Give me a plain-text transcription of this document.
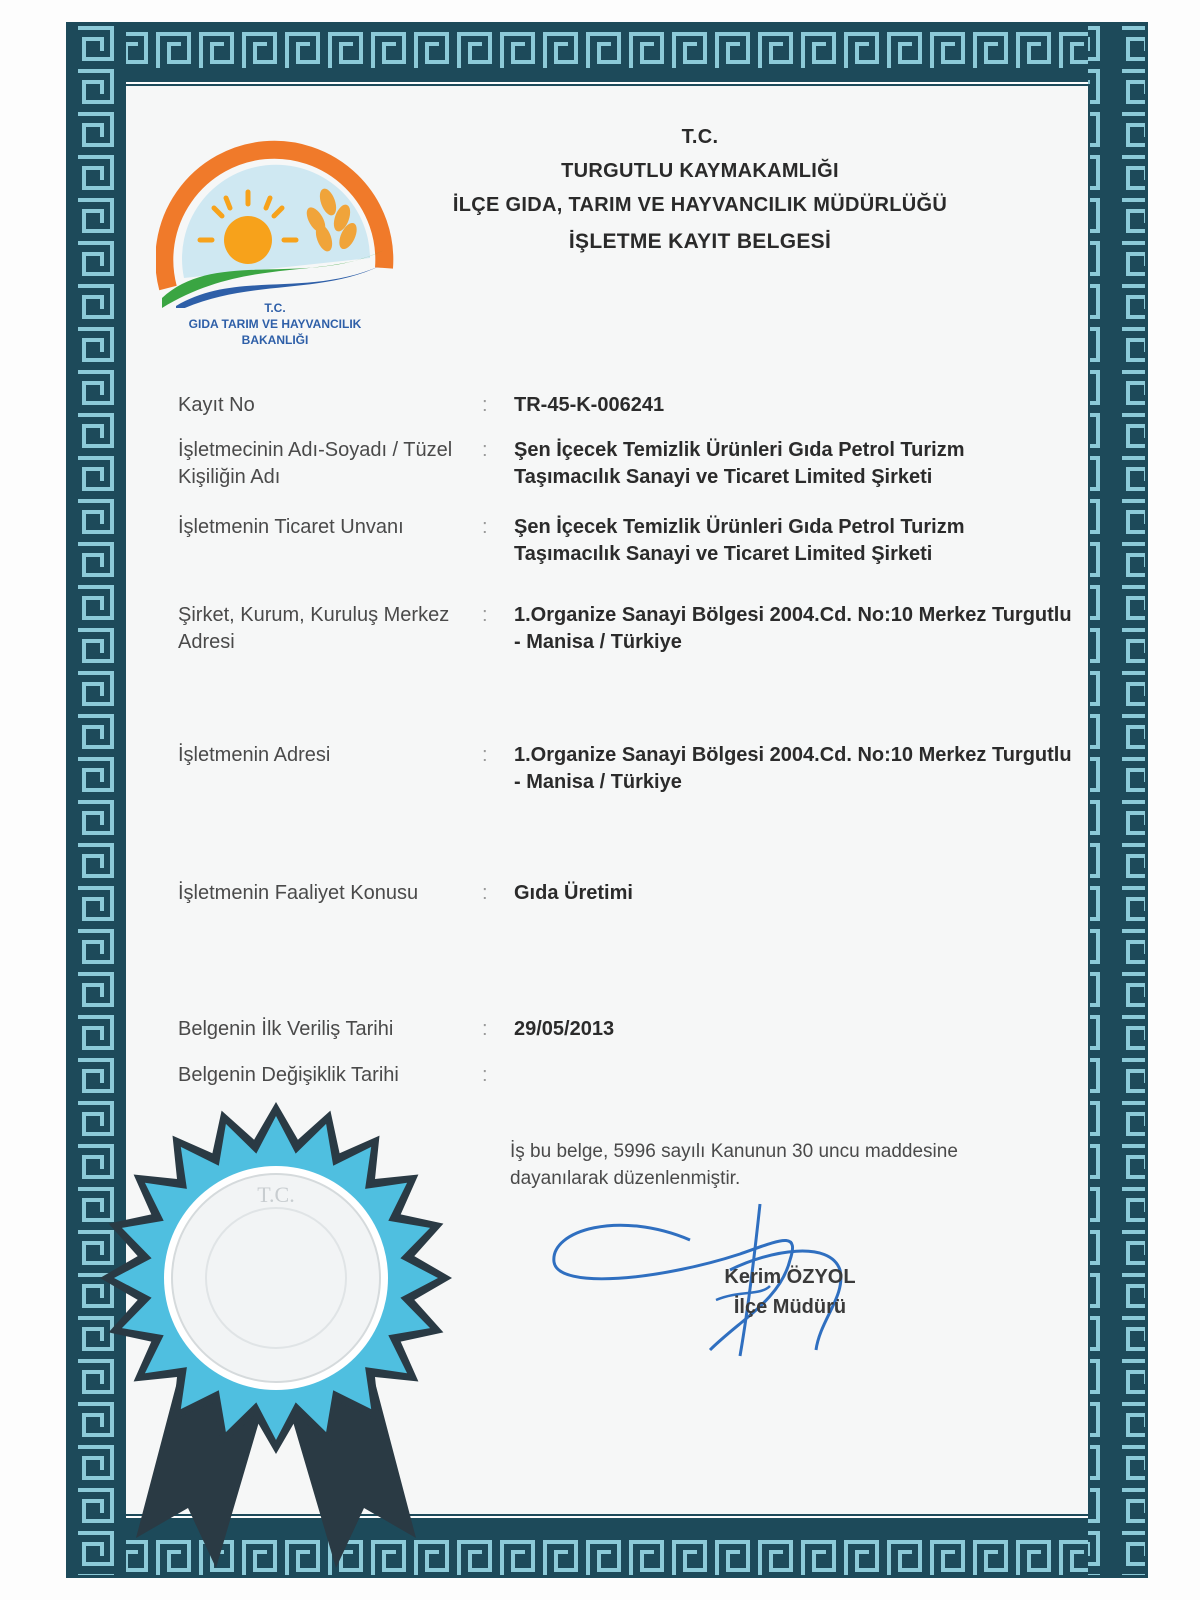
T.C.
GIDA TARIM VE HAYVANCILIK
BAKANLIĞI
T.C.
TURGUTLU KAYMAKAMLIĞI
İLÇE GIDA, TARIM VE HAYVANCILIK MÜDÜRLÜĞÜ
İŞLETME KAYIT BELGESİ
Kayıt No	: TR-45-K-006241
İşletmecinin Adı-Soyadı / Tüzel Kişiliğin Adı
: Şen İçecek Temizlik Ürünleri Gıda Petrol Turizm Taşımacılık Sanayi ve Ticaret Limited Şirketi
İşletmenin Ticaret Unvanı	: Şen İçecek Temizlik Ürünleri Gıda Petrol Turizm Taşımacılık Sanayi ve Ticaret Limited Şirketi
Şirket, Kurum, Kuruluş Merkez Adresi
: 1.Organize Sanayi Bölgesi 2004.Cd. No:10 Merkez Turgutlu - Manisa / Türkiye
İşletmenin Adresi	: 1.Organize Sanayi Bölgesi 2004.Cd. No:10 Merkez Turgutlu - Manisa / Türkiye
İşletmenin Faaliyet Konusu	: Gıda Üretimi
Belgenin İlk Veriliş Tarihi	: 29/05/2013
Belgenin Değişiklik Tarihi	:
İş bu belge, 5996 sayılı Kanunun 30 uncu maddesine dayanılarak düzenlenmiştir.
Kerim ÖZYOL
İlçe Müdürü
T.C.
